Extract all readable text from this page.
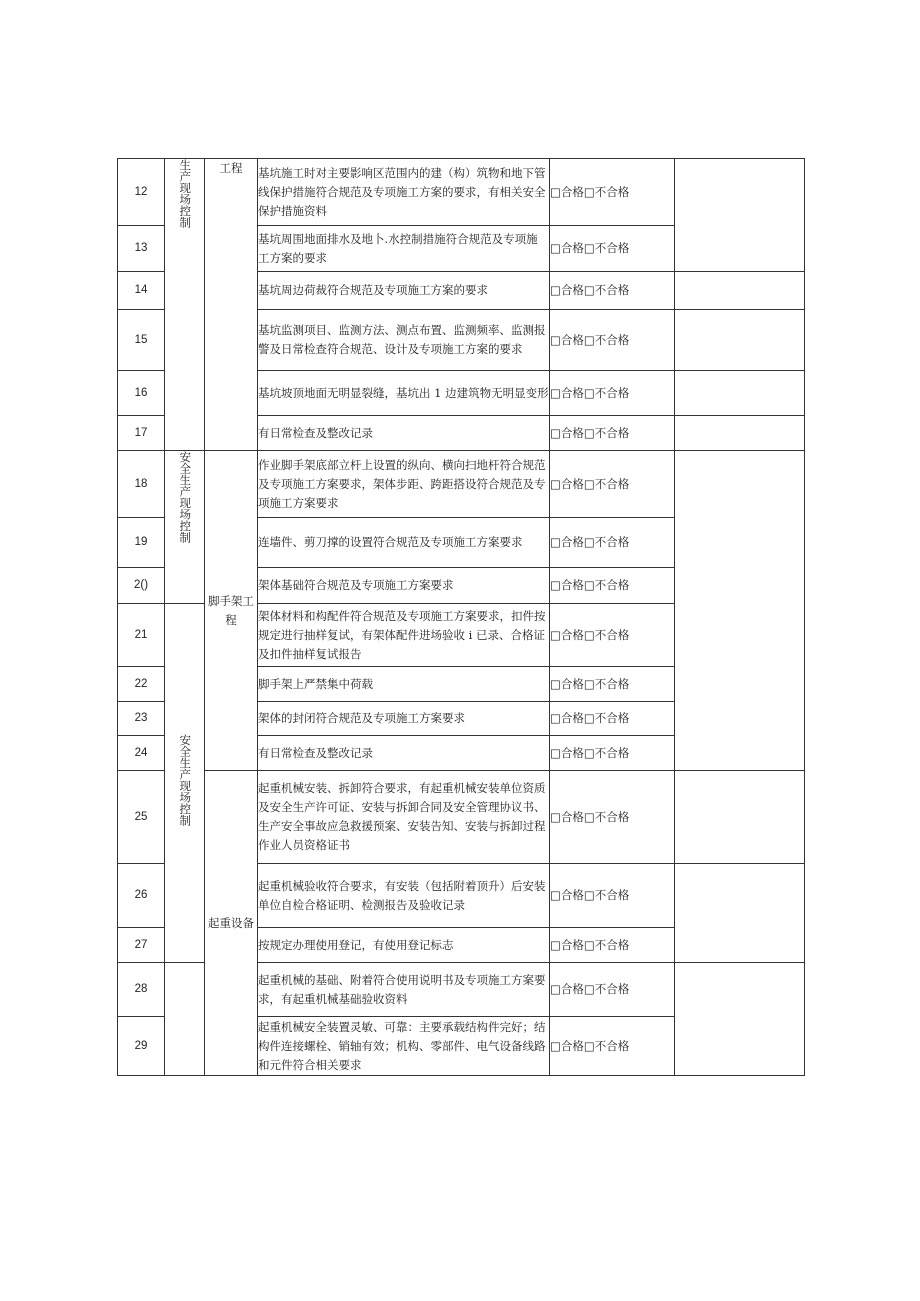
12	生产现场控制	工程	基坑施工时对主要影响区范围内的建（构）筑物和地下管线保护措施符合规范及专项施工方案的要求，有相关安全保护措施资料	□合格□不合格	
13			基坑周围地面排水及地卜.水控制措施符合规范及专项施工方案的要求	□合格□不合格	
14			基坑周边荷裁符合规范及专项施工方案的要求	□合格□不合格	
15			基坑监测项目、监测方法、测点布置、监测频率、监测报警及日常检查符合规范、设计及专项施工方案的要求	□合格□不合格	
16			基坑坡顶地面无明显裂缝，基坑出 1 边建筑物无明显变形	□合格□不合格	
17			有日常检查及整改记录	□合格□不合格	
18	安全生产现场控制	脚手架工程	作业脚手架底部立杆上设置的纵向、横向扫地杆符合规范及专项施工方案要求，架体步距、跨距搭设符合规范及专项施工方案要求	□合格□不合格	
19			连墙件、剪刀撑的设置符合规范及专项施工方案要求	□合格□不合格	
2()			架体基础符合规范及专项施工方案要求	□合格□不合格	
21	安全生产现场控制		架体材料和构配件符合规范及专项施工方案要求，扣件按规定进行抽样复试，有架体配件进场验收 i 已录、合格证及扣件抽样复试报告	□合格□不合格	
22			脚手架上严禁集中荷载	□合格□不合格	
23			架体的封闭符合规范及专项施工方案要求	□合格□不合格	
24			有日常检查及整改记录	□合格□不合格	
25		起重设备	起重机械安装、拆卸符合要求，有起重机械安装单位资质及安全生产许可证、安装与拆卸合同及安全管理协议书、生产安全事故应急救援预案、安装告知、安装与拆卸过程作业人员资格证书	□合格□不合格	
26			起重机械验收符合要求，有安装（包括附着顶升）后安装单位自检合格证明、检测报告及验收记录	□合格□不合格	
27			按规定办理使用登记，有使用登记标志	□合格□不合格	
28			起重机械的基础、附着符合使用说明书及专项施工方案要求，有起重机械基础验收资料	□合格□不合格	
29			起重机械安全装置灵敏、可靠：主要承载结构件完好；结构件连接螺栓、销轴有效；机构、零部件、电气设备线路和元件符合相关要求	□合格□不合格	
